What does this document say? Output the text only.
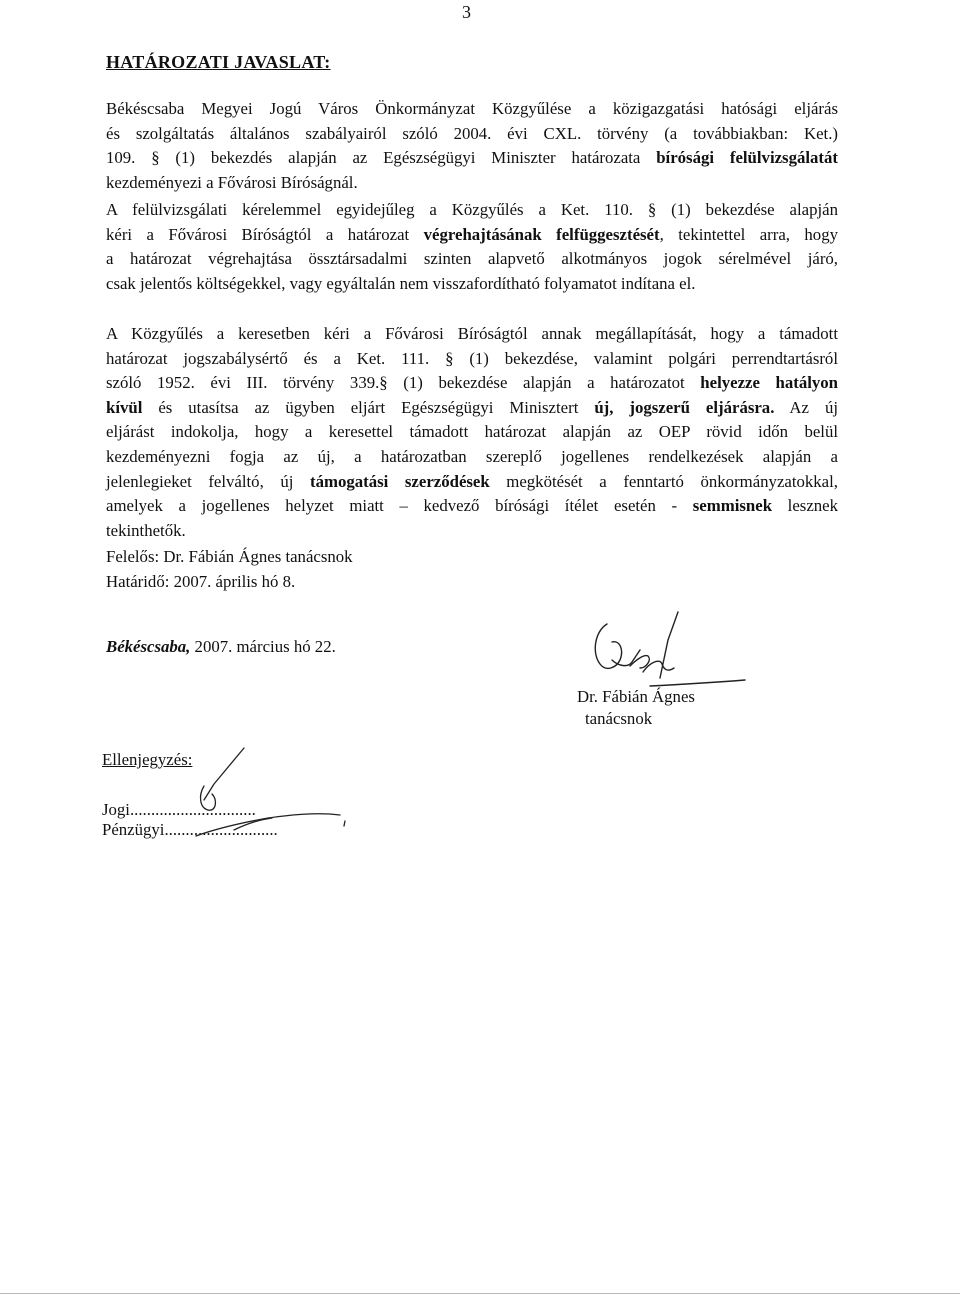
3
HATÁROZATI JAVASLAT:
Békéscsaba Megyei Jogú Város Önkormányzat Közgyűlése a közigazgatási hatósági eljárás
és szolgáltatás általános szabályairól szóló 2004. évi CXL. törvény (a továbbiakban: Ket.)
109. § (1) bekezdés alapján az Egészségügyi Miniszter határozata bírósági felülvizsgálatát
kezdeményezi a Fővárosi Bíróságnál.
A felülvizsgálati kérelemmel egyidejűleg a Közgyűlés a Ket. 110. § (1) bekezdése alapján
kéri a Fővárosi Bíróságtól a határozat végrehajtásának felfüggesztését, tekintettel arra, hogy
a határozat végrehajtása össztársadalmi szinten alapvető alkotmányos jogok sérelmével járó,
csak jelentős költségekkel, vagy egyáltalán nem visszafordítható folyamatot indítana el.
A Közgyűlés a keresetben kéri a Fővárosi Bíróságtól annak megállapítását, hogy a támadott
határozat jogszabálysértő és a Ket. 111. § (1) bekezdése, valamint polgári perrendtartásról
szóló 1952. évi III. törvény 339.§ (1) bekezdése alapján a határozatot helyezze hatályon
kívül és utasítsa az ügyben eljárt Egészségügyi Minisztert új, jogszerű eljárásra. Az új
eljárást indokolja, hogy a keresettel támadott határozat alapján az OEP rövid időn belül
kezdeményezni fogja az új, a határozatban szereplő jogellenes rendelkezések alapján a
jelenlegieket felváltó, új támogatási szerződések megkötését a fenntartó önkormányzatokkal,
amelyek a jogellenes helyzet miatt – kedvező bírósági ítélet esetén - semmisnek lesznek
tekinthetők.
Felelős: Dr. Fábián Ágnes tanácsnok
Határidő: 2007. április hó 8.
Békéscsaba, 2007. március hó 22.
Dr. Fábián Ágnes
tanácsnok
Ellenjegyzés:
Jogi..............................
Pénzügyi...........................
